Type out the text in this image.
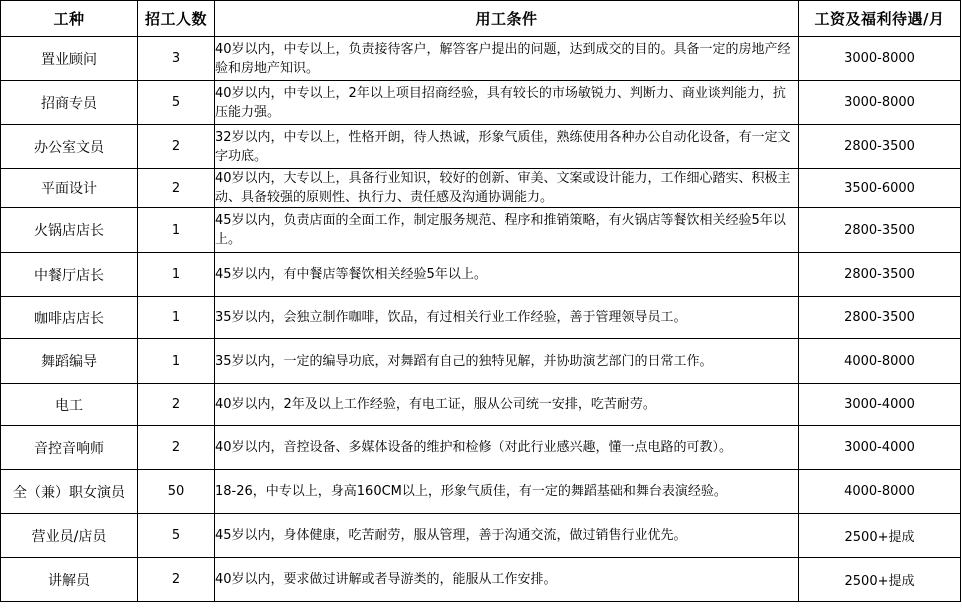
工种	招工人数	用工条件	工资及福利待遇/月
置业顾问	3	40岁以内，中专以上，负责接待客户，解答客户提出的问题，达到成交的目的。具备一定的房地产经验和房地产知识。	3000-8000
招商专员	5	40岁以内，中专以上，2年以上项目招商经验，具有较长的市场敏锐力、判断力、商业谈判能力，抗压能力强。	3000-8000
办公室文员	2	32岁以内，中专以上，性格开朗，待人热诚，形象气质佳，熟练使用各种办公自动化设备，有一定文字功底。	2800-3500
平面设计	2	40岁以内，大专以上，具备行业知识，较好的创新、审美、文案或设计能力，工作细心踏实、积极主动、具备较强的原则性、执行力、责任感及沟通协调能力。	3500-6000
火锅店店长	1	45岁以内，负责店面的全面工作，制定服务规范、程序和推销策略，有火锅店等餐饮相关经验5年以上。	2800-3500
中餐厅店长	1	45岁以内，有中餐店等餐饮相关经验5年以上。	2800-3500
咖啡店店长	1	35岁以内，会独立制作咖啡，饮品，有过相关行业工作经验，善于管理领导员工。	2800-3500
舞蹈编导	1	35岁以内，一定的编导功底，对舞蹈有自己的独特见解，并协助演艺部门的日常工作。	4000-8000
电工	2	40岁以内，2年及以上工作经验，有电工证，服从公司统一安排，吃苦耐劳。	3000-4000
音控音响师	2	40岁以内，音控设备、多媒体设备的维护和检修（对此行业感兴趣，懂一点电路的可教）。	3000-4000
全（兼）职女演员	50	18-26，中专以上，身高160CM以上，形象气质佳，有一定的舞蹈基础和舞台表演经验。	4000-8000
营业员/店员	5	45岁以内，身体健康，吃苦耐劳，服从管理，善于沟通交流，做过销售行业优先。	2500+提成
讲解员	2	40岁以内，要求做过讲解或者导游类的，能服从工作安排。	2500+提成
